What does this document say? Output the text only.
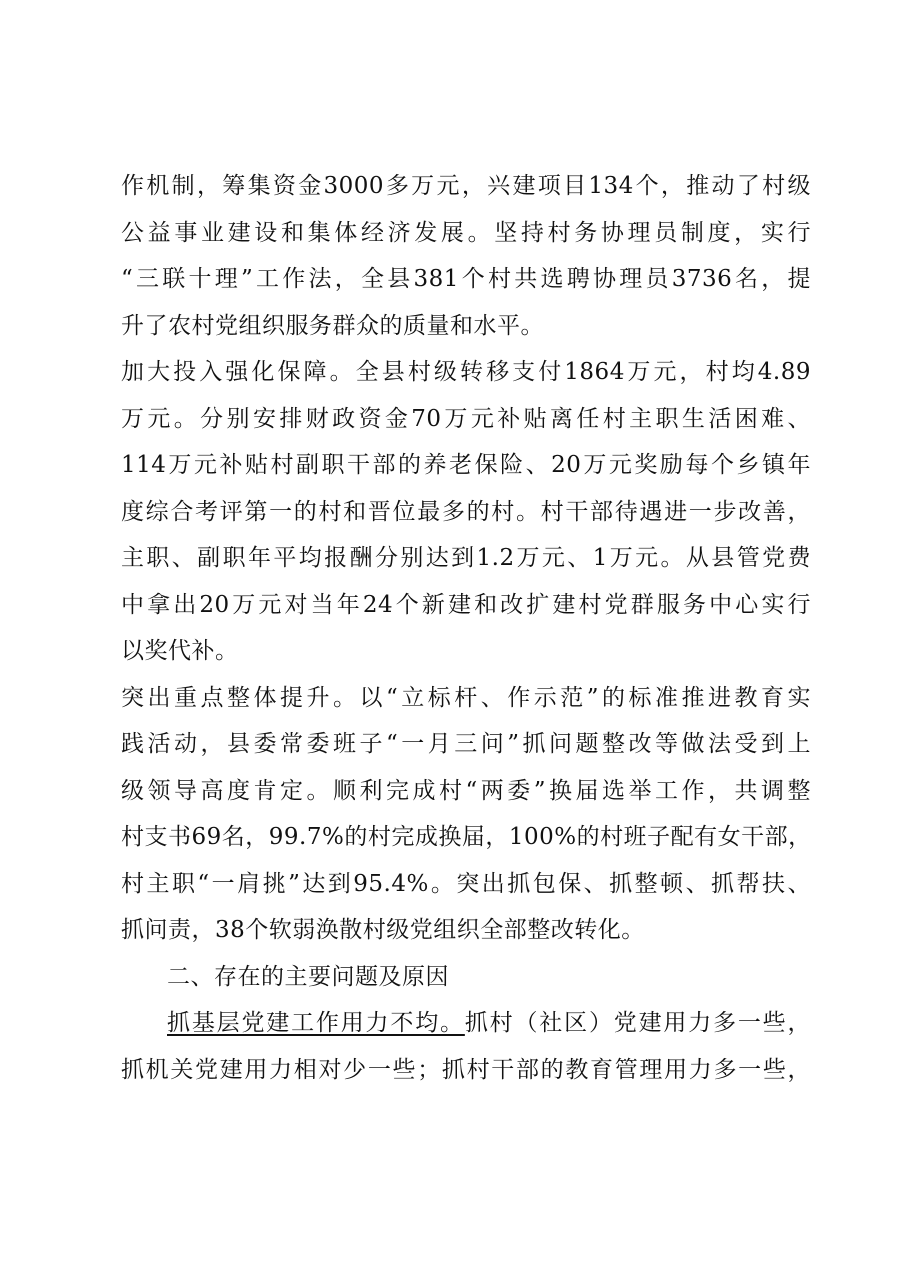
作机制，筹集资金3000多万元，兴建项目134个，推动了村级
公益事业建设和集体经济发展。坚持村务协理员制度，实行
“三联十理”工作法，全县381个村共选聘协理员3736名，提
升了农村党组织服务群众的质量和水平。
加大投入强化保障。全县村级转移支付1864万元，村均4.89
万元。分别安排财政资金70万元补贴离任村主职生活困难、
114万元补贴村副职干部的养老保险、20万元奖励每个乡镇年
度综合考评第一的村和晋位最多的村。村干部待遇进一步改善，
主职、副职年平均报酬分别达到1.2万元、1万元。从县管党费
中拿出20万元对当年24个新建和改扩建村党群服务中心实行
以奖代补。
突出重点整体提升。以“立标杆、作示范”的标准推进教育实
践活动，县委常委班子“一月三问”抓问题整改等做法受到上
级领导高度肯定。顺利完成村“两委”换届选举工作，共调整
村支书69名，99.7%的村完成换届，100%的村班子配有女干部，
村主职“一肩挑”达到95.4%。突出抓包保、抓整顿、抓帮扶、
抓问责，38个软弱涣散村级党组织全部整改转化。
二、存在的主要问题及原因
抓基层党建工作用力不均。抓村（社区）党建用力多一些，
抓机关党建用力相对少一些；抓村干部的教育管理用力多一些，
